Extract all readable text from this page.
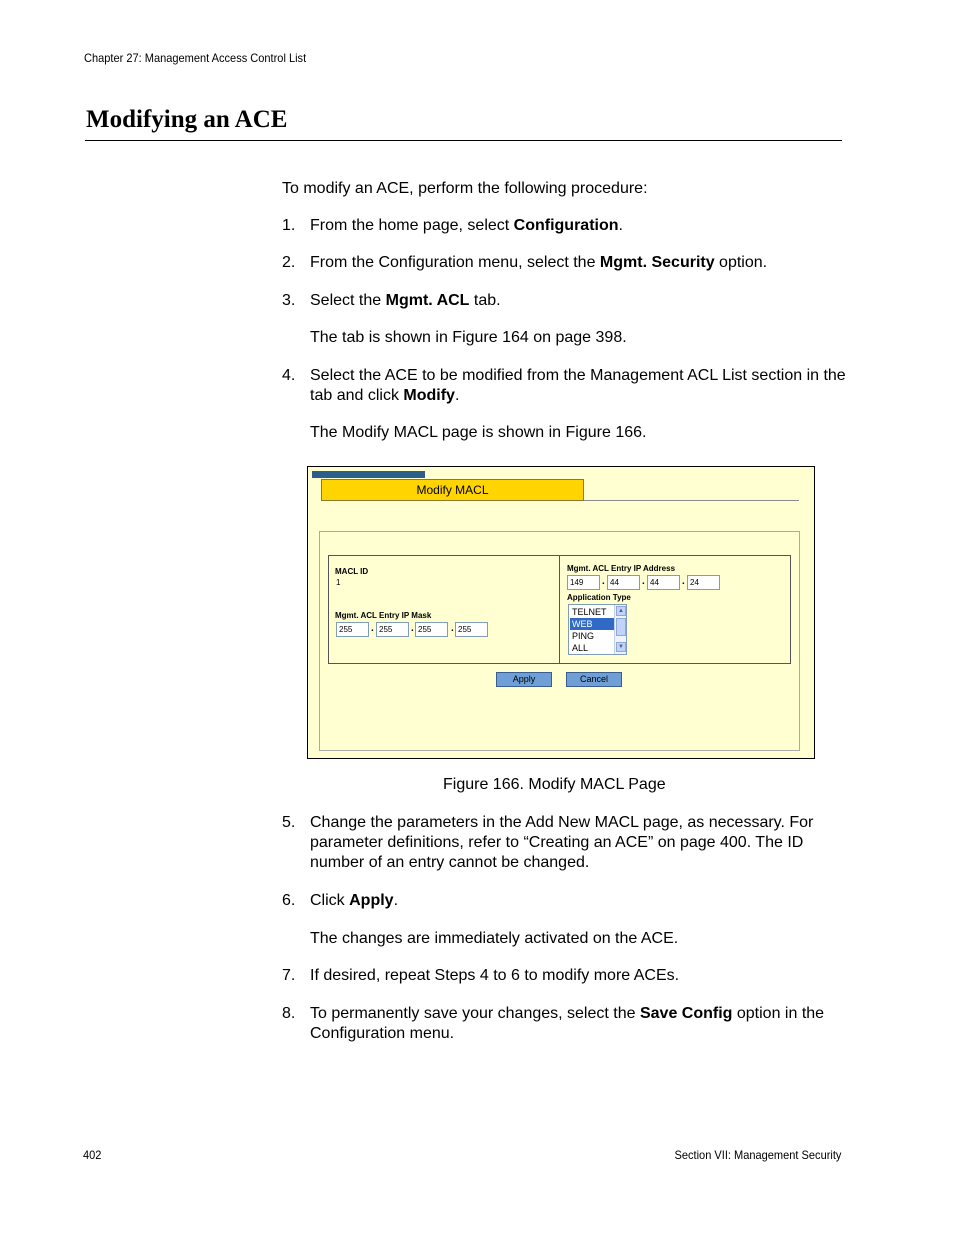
Chapter 27: Management Access Control List
Modifying an ACE

To modify an ACE, perform the following procedure:

1. From the home page, select Configuration.
2. From the Configuration menu, select the Mgmt. Security option.
3. Select the Mgmt. ACL tab.

The tab is shown in Figure 164 on page 398.

4. Select the ACE to be modified from the Management ACL List section in the tab and click Modify.

The Modify MACL page is shown in Figure 166.

Modify MACL
MACL ID
1
Mgmt. ACL Entry IP Mask
255	. 255	. 255	. 255
Mgmt. ACL Entry IP Address
149	. 44	. 44	. 24
Application Type
TELNET
WEB
PING
ALL
▲
▼
Apply	Cancel
Figure 166. Modify MACL Page
5. Change the parameters in the Add New MACL page, as necessary. For parameter definitions, refer to “Creating an ACE” on page 400. The ID number of an entry cannot be changed.
6. Click Apply.

The changes are immediately activated on the ACE.

7. If desired, repeat Steps 4 to 6 to modify more ACEs.
8. To permanently save your changes, select the Save Config option in the Configuration menu.
402	Section VII: Management Security
